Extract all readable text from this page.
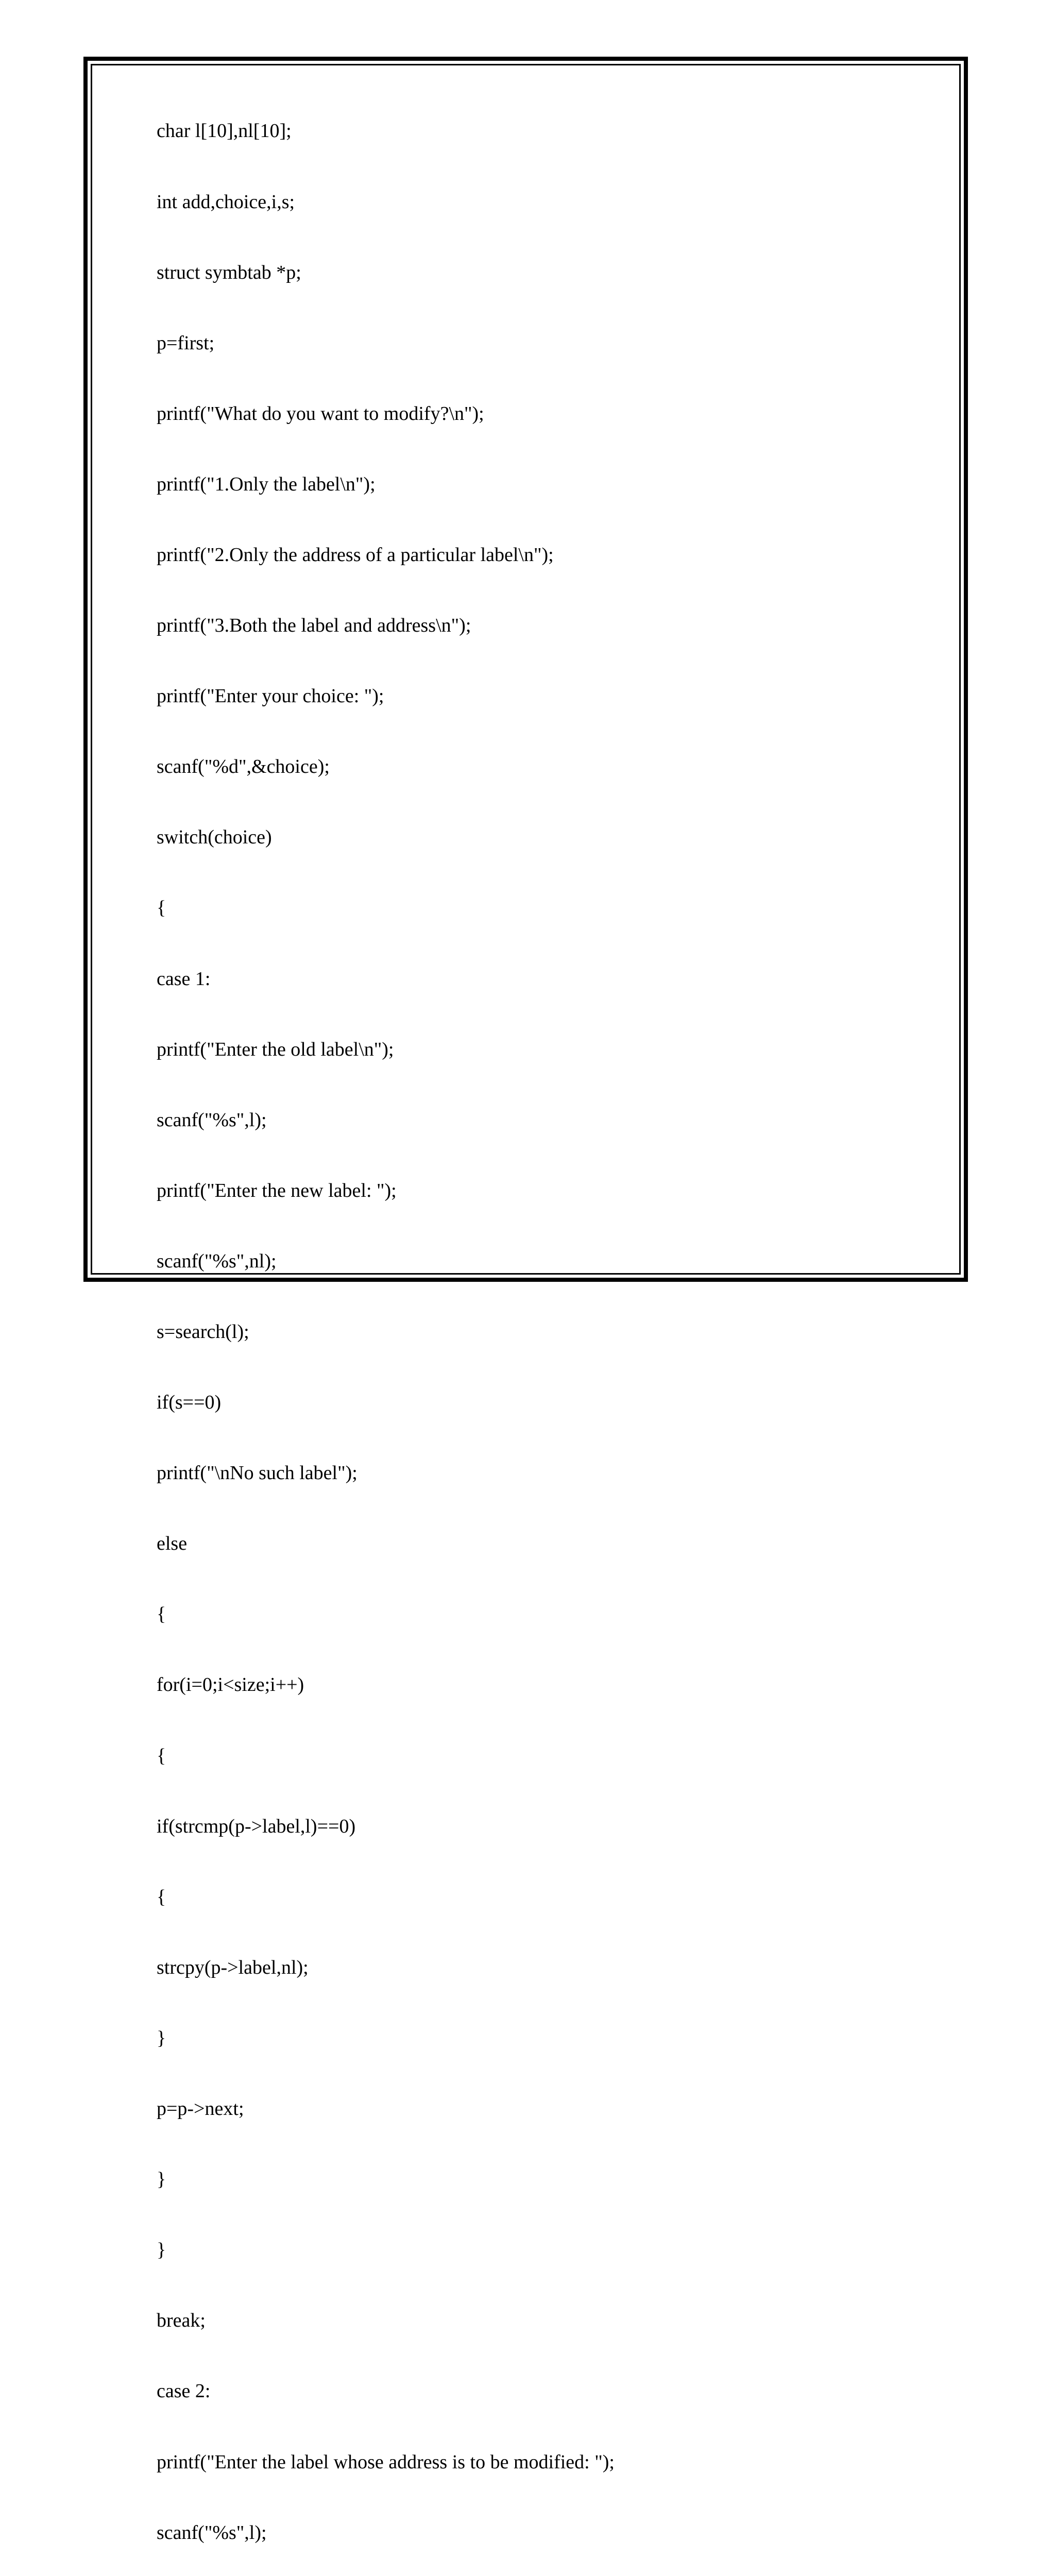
char l[10],nl[10];

int add,choice,i,s;

struct symbtab *p;

p=first;

printf("What do you want to modify?\n");

printf("1.Only the label\n");

printf("2.Only the address of a particular label\n");

printf("3.Both the label and address\n");

printf("Enter your choice: ");

scanf("%d",&choice);

switch(choice)

{

case 1:

printf("Enter the old label\n");

scanf("%s",l);

printf("Enter the new label: ");

scanf("%s",nl);

s=search(l);

if(s==0)

printf("\nNo such label");

else

{

for(i=0;i<size;i++)

{

if(strcmp(p->label,l)==0)

{

strcpy(p->label,nl);

}

p=p->next;

}

}

break;

case 2:

printf("Enter the label whose address is to be modified: ");

scanf("%s",l);
